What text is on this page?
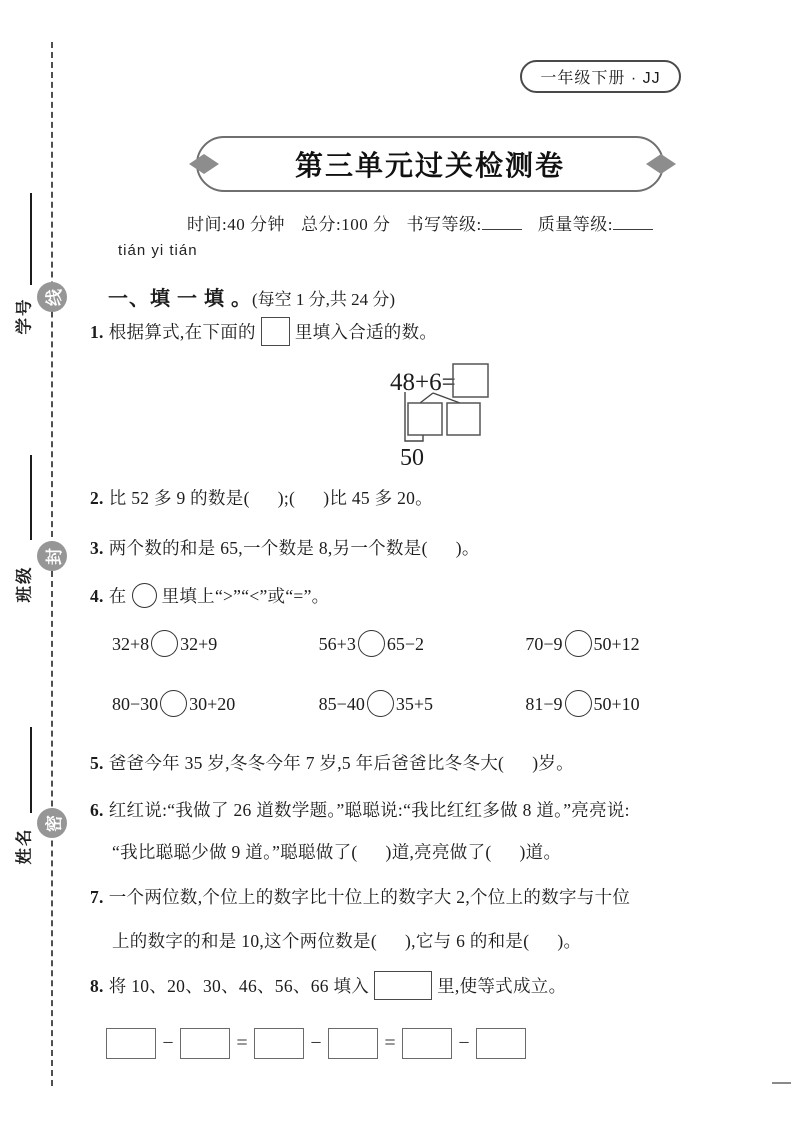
线
学号
封
班级
密
姓名
一年级下册 · JJ
第三单元过关检测卷
时间:40 分钟 总分:100 分 书写等级:	质量等级:
tián yi tián

一、填 一 填 。(每空 1 分,共 24 分)

1. 根据算式,在下面的 里填入合适的数。
48+6=
50
2. 比 52 多 9 的数是(      );(      )比 45 多 20。
3. 两个数的和是 65,一个数是 8,另一个数是(      )。
4. 在 里填上“>”“<”或“=”。
32+8 32+9	56+3 65−2	70−9 50+12
80−30 30+20	85−40 35+5	81−9 50+10
5. 爸爸今年 35 岁,冬冬今年 7 岁,5 年后爸爸比冬冬大(      )岁。
6. 红红说:“我做了 26 道数学题。”聪聪说:“我比红红多做 8 道。”亮亮说:
“我比聪聪少做 9 道。”聪聪做了(      )道,亮亮做了(      )道。
7. 一个两位数,个位上的数字比十位上的数字大 2,个位上的数字与十位
上的数字的和是 10,这个两位数是(      ),它与 6 的和是(      )。
8. 将 10、20、30、46、56、66 填入	里,使等式成立。
−	=	−	=	−
